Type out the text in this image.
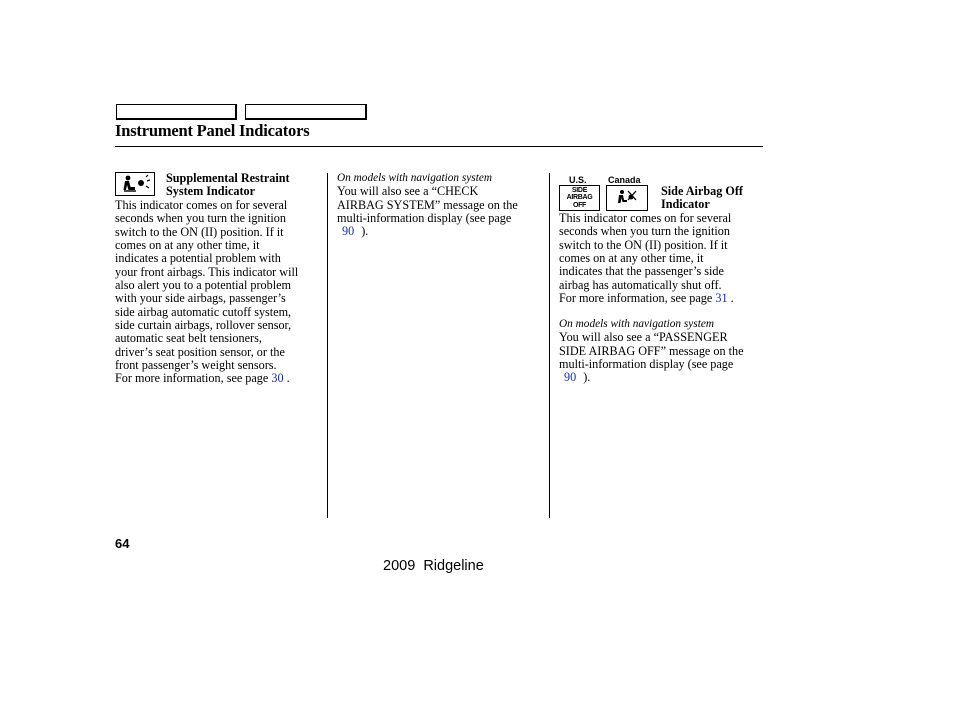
Instrument Panel Indicators
Supplemental Restraint
System Indicator
This indicator comes on for several
seconds when you turn the ignition
switch to the ON (II) position. If it
comes on at any other time, it
indicates a potential problem with
your front airbags. This indicator will
also alert you to a potential problem
with your side airbags, passenger’s
side airbag automatic cutoff system,
side curtain airbags, rollover sensor,
automatic seat belt tensioners,
driver’s seat position sensor, or the
front passenger’s weight sensors.
For more information, see page 30 .
On models with navigation system
You will also see a “CHECK
AIRBAG SYSTEM” message on the
multi-information display (see page
90 ).
U.S. Canada
SIDE
AIRBAG
OFF
Side Airbag Off
Indicator
This indicator comes on for several
seconds when you turn the ignition
switch to the ON (II) position. If it
comes on at any other time, it
indicates that the passenger’s side
airbag has automatically shut off.
For more information, see page 31 .
On models with navigation system
You will also see a “PASSENGER
SIDE AIRBAG OFF” message on the
multi-information display (see page
90 ).
64
2009  Ridgeline
